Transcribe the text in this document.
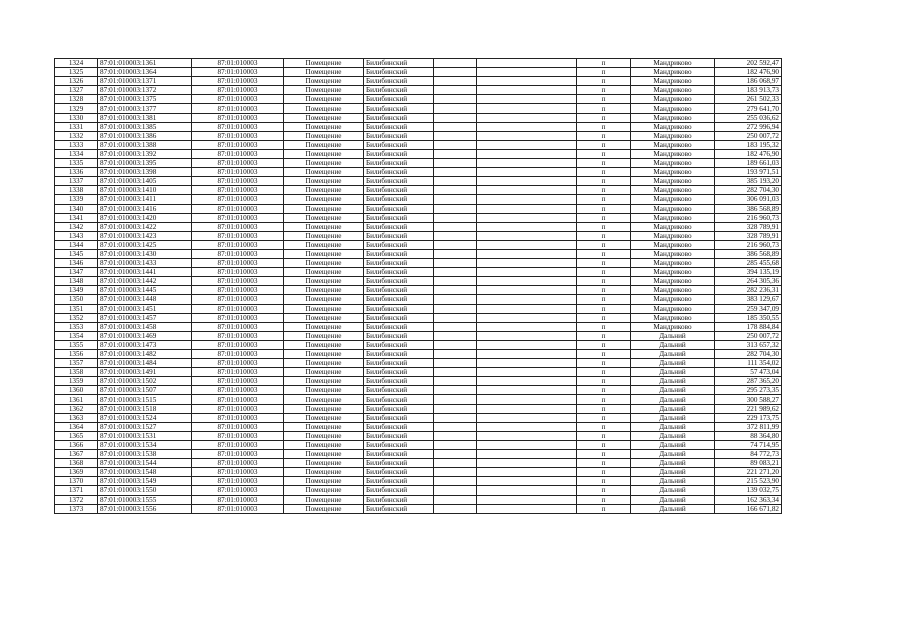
1324	87:01:010003:1361	87:01:010003	Помещение	Билибинский			п	Мандриково	202 592,47
1325	87:01:010003:1364	87:01:010003	Помещение	Билибинский			п	Мандриково	182 476,90
1326	87:01:010003:1371	87:01:010003	Помещение	Билибинский			п	Мандриково	186 068,97
1327	87:01:010003:1372	87:01:010003	Помещение	Билибинский			п	Мандриково	183 913,73
1328	87:01:010003:1375	87:01:010003	Помещение	Билибинский			п	Мандриково	261 502,33
1329	87:01:010003:1377	87:01:010003	Помещение	Билибинский			п	Мандриково	279 641,70
1330	87:01:010003:1381	87:01:010003	Помещение	Билибинский			п	Мандриково	255 036,62
1331	87:01:010003:1385	87:01:010003	Помещение	Билибинский			п	Мандриково	272 996,94
1332	87:01:010003:1386	87:01:010003	Помещение	Билибинский			п	Мандриково	250 007,72
1333	87:01:010003:1388	87:01:010003	Помещение	Билибинский			п	Мандриково	183 195,32
1334	87:01:010003:1392	87:01:010003	Помещение	Билибинский			п	Мандриково	182 476,90
1335	87:01:010003:1395	87:01:010003	Помещение	Билибинский			п	Мандриково	189 661,03
1336	87:01:010003:1398	87:01:010003	Помещение	Билибинский			п	Мандриково	193 971,51
1337	87:01:010003:1405	87:01:010003	Помещение	Билибинский			п	Мандриково	385 193,20
1338	87:01:010003:1410	87:01:010003	Помещение	Билибинский			п	Мандриково	282 704,30
1339	87:01:010003:1411	87:01:010003	Помещение	Билибинский			п	Мандриково	306 091,03
1340	87:01:010003:1416	87:01:010003	Помещение	Билибинский			п	Мандриково	386 568,89
1341	87:01:010003:1420	87:01:010003	Помещение	Билибинский			п	Мандриково	216 960,73
1342	87:01:010003:1422	87:01:010003	Помещение	Билибинский			п	Мандриково	328 789,91
1343	87:01:010003:1423	87:01:010003	Помещение	Билибинский			п	Мандриково	328 789,91
1344	87:01:010003:1425	87:01:010003	Помещение	Билибинский			п	Мандриково	216 960,73
1345	87:01:010003:1430	87:01:010003	Помещение	Билибинский			п	Мандриково	386 568,89
1346	87:01:010003:1433	87:01:010003	Помещение	Билибинский			п	Мандриково	285 455,68
1347	87:01:010003:1441	87:01:010003	Помещение	Билибинский			п	Мандриково	394 135,19
1348	87:01:010003:1442	87:01:010003	Помещение	Билибинский			п	Мандриково	264 305,36
1349	87:01:010003:1445	87:01:010003	Помещение	Билибинский			п	Мандриково	282 236,31
1350	87:01:010003:1448	87:01:010003	Помещение	Билибинский			п	Мандриково	383 129,67
1351	87:01:010003:1451	87:01:010003	Помещение	Билибинский			п	Мандриково	259 347,09
1352	87:01:010003:1457	87:01:010003	Помещение	Билибинский			п	Мандриково	185 350,55
1353	87:01:010003:1458	87:01:010003	Помещение	Билибинский			п	Мандриково	178 884,84
1354	87:01:010003:1469	87:01:010003	Помещение	Билибинский			п	Дальний	250 007,72
1355	87:01:010003:1473	87:01:010003	Помещение	Билибинский			п	Дальний	313 657,32
1356	87:01:010003:1482	87:01:010003	Помещение	Билибинский			п	Дальний	282 704,30
1357	87:01:010003:1484	87:01:010003	Помещение	Билибинский			п	Дальний	111 354,02
1358	87:01:010003:1491	87:01:010003	Помещение	Билибинский			п	Дальний	57 473,04
1359	87:01:010003:1502	87:01:010003	Помещение	Билибинский			п	Дальний	287 365,20
1360	87:01:010003:1507	87:01:010003	Помещение	Билибинский			п	Дальний	295 273,35
1361	87:01:010003:1515	87:01:010003	Помещение	Билибинский			п	Дальний	300 588,27
1362	87:01:010003:1518	87:01:010003	Помещение	Билибинский			п	Дальний	221 989,62
1363	87:01:010003:1524	87:01:010003	Помещение	Билибинский			п	Дальний	229 173,75
1364	87:01:010003:1527	87:01:010003	Помещение	Билибинский			п	Дальний	372 811,99
1365	87:01:010003:1531	87:01:010003	Помещение	Билибинский			п	Дальний	88 364,80
1366	87:01:010003:1534	87:01:010003	Помещение	Билибинский			п	Дальний	74 714,95
1367	87:01:010003:1538	87:01:010003	Помещение	Билибинский			п	Дальний	84 772,73
1368	87:01:010003:1544	87:01:010003	Помещение	Билибинский			п	Дальний	89 083,21
1369	87:01:010003:1548	87:01:010003	Помещение	Билибинский			п	Дальний	221 271,20
1370	87:01:010003:1549	87:01:010003	Помещение	Билибинский			п	Дальний	215 523,90
1371	87:01:010003:1550	87:01:010003	Помещение	Билибинский			п	Дальний	139 032,75
1372	87:01:010003:1555	87:01:010003	Помещение	Билибинский			п	Дальний	162 363,34
1373	87:01:010003:1556	87:01:010003	Помещение	Билибинский			п	Дальний	166 671,82
